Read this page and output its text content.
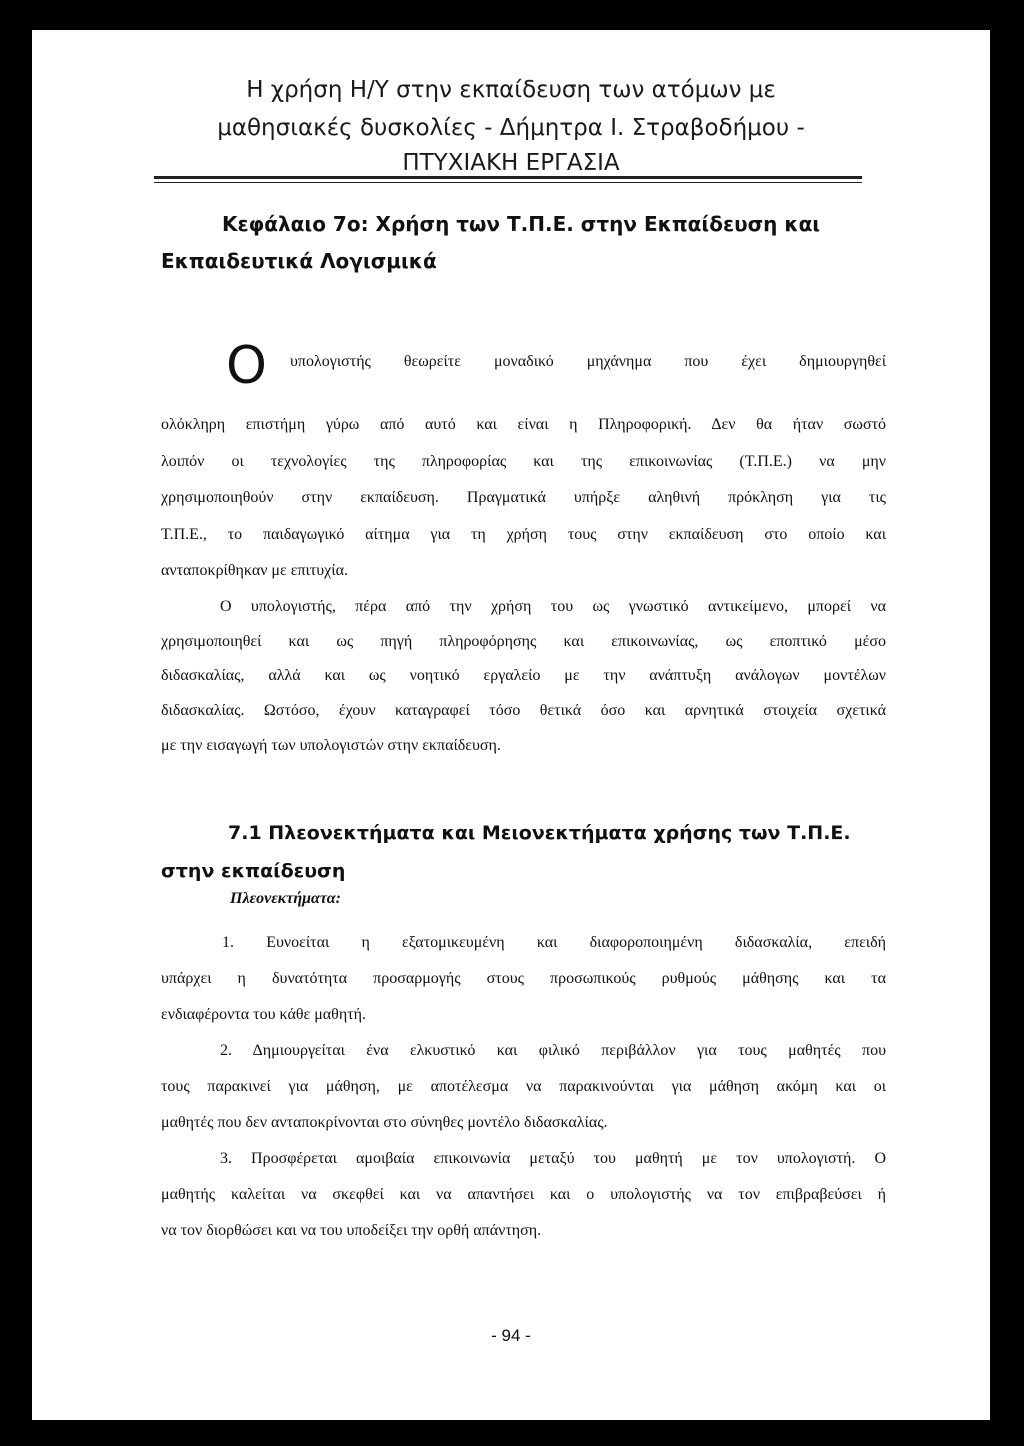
Η χρήση Η/Υ στην εκπαίδευση των ατόμων με
μαθησιακές δυσκολίες - Δήμητρα Ι. Στραβοδήμου -
ΠΤΥΧΙΑΚΗ ΕΡΓΑΣΙΑ
Κεφάλαιο 7ο: Χρήση των Τ.Π.Ε. στην Εκπαίδευση και
Εκπαιδευτικά Λογισμικά
Ο υπολογιστής θεωρείτε μοναδικό μηχάνημα που έχει δημιουργηθεί
ολόκληρη επιστήμη γύρω από αυτό και είναι η Πληροφορική. Δεν θα ήταν σωστό
λοιπόν οι τεχνολογίες της πληροφορίας και της επικοινωνίας (Τ.Π.Ε.) να μην
χρησιμοποιηθούν στην εκπαίδευση. Πραγματικά υπήρξε αληθινή πρόκληση για τις
Τ.Π.Ε., το παιδαγωγικό αίτημα για τη χρήση τους στην εκπαίδευση στο οποίο και
ανταποκρίθηκαν με επιτυχία.
Ο υπολογιστής, πέρα από την χρήση του ως γνωστικό αντικείμενο, μπορεί να
χρησιμοποιηθεί και ως πηγή πληροφόρησης και επικοινωνίας, ως εποπτικό μέσο
διδασκαλίας, αλλά και ως νοητικό εργαλείο με την ανάπτυξη ανάλογων μοντέλων
διδασκαλίας. Ωστόσο, έχουν καταγραφεί τόσο θετικά όσο και αρνητικά στοιχεία σχετικά
με την εισαγωγή των υπολογιστών στην εκπαίδευση.
7.1 Πλεονεκτήματα και Μειονεκτήματα χρήσης των Τ.Π.Ε.
στην εκπαίδευση
Πλεονεκτήματα:
1. Ευνοείται η εξατομικευμένη και διαφοροποιημένη διδασκαλία, επειδή
υπάρχει η δυνατότητα προσαρμογής στους προσωπικούς ρυθμούς μάθησης και τα
ενδιαφέροντα του κάθε μαθητή.
2. Δημιουργείται ένα ελκυστικό και φιλικό περιβάλλον για τους μαθητές που
τους παρακινεί για μάθηση, με αποτέλεσμα να παρακινούνται για μάθηση ακόμη και οι
μαθητές που δεν ανταποκρίνονται στο σύνηθες μοντέλο διδασκαλίας.
3. Προσφέρεται αμοιβαία επικοινωνία μεταξύ του μαθητή με τον υπολογιστή. Ο
μαθητής καλείται να σκεφθεί και να απαντήσει και ο υπολογιστής να τον επιβραβεύσει ή
να τον διορθώσει και να του υποδείξει την ορθή απάντηση.
- 94 -
